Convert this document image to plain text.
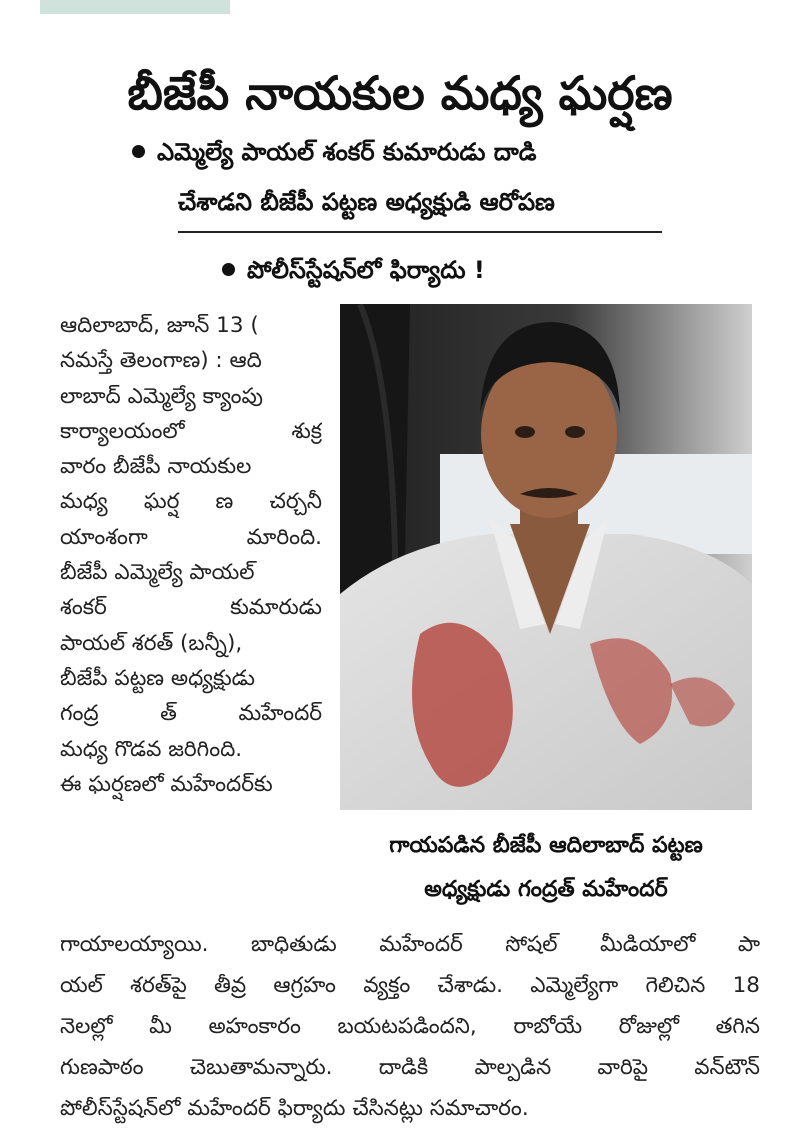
బీజేపీ నాయకుల మధ్య ఘర్షణ
ఎమ్మెల్యే పాయల్ శంకర్ కుమారుడు దాడి
చేశాడని బీజేపీ పట్టణ అధ్యక్షుడి ఆరోపణ
పోలీస్‌స్టేషన్‌లో ఫిర్యాదు !
ఆదిలాబాద్, జూన్ 13 (
నమస్తే తెలంగాణ) : ఆది
లాబాద్ ఎమ్మెల్యే క్యాంపు
కార్యాలయంలో శుక్ర
వారం బీజేపీ నాయకుల
మధ్య ఘర్ష ణ చర్చనీ
యాంశంగా మారింది.
బీజేపీ ఎమ్మెల్యే పాయల్
శంకర్ కుమారుడు
పాయల్ శరత్ (బన్నీ),
బీజేపీ పట్టణ అధ్యక్షుడు
గంద్ర త్ మహేందర్
మధ్య గొడవ జరిగింది.
ఈ ఘర్షణలో మహేందర్‌కు
గాయపడిన బీజేపీ ఆదిలాబాద్ పట్టణ
అధ్యక్షుడు గంద్రత్ మహేందర్
గాయాలయ్యాయి. బాధితుడు మహేందర్ సోషల్ మీడియాలో పా
యల్ శరత్‌పై తీవ్ర ఆగ్రహం వ్యక్తం చేశాడు. ఎమ్మెల్యేగా గెలిచిన 18
నెలల్లో మీ అహంకారం బయటపడిందని, రాబోయే రోజుల్లో తగిన
గుణపాఠం చెబుతామన్నారు. దాడికి పాల్పడిన వారిపై వన్‌టౌన్
పోలీస్‌స్టేషన్‌లో మహేందర్ ఫిర్యాదు చేసినట్లు సమాచారం.
